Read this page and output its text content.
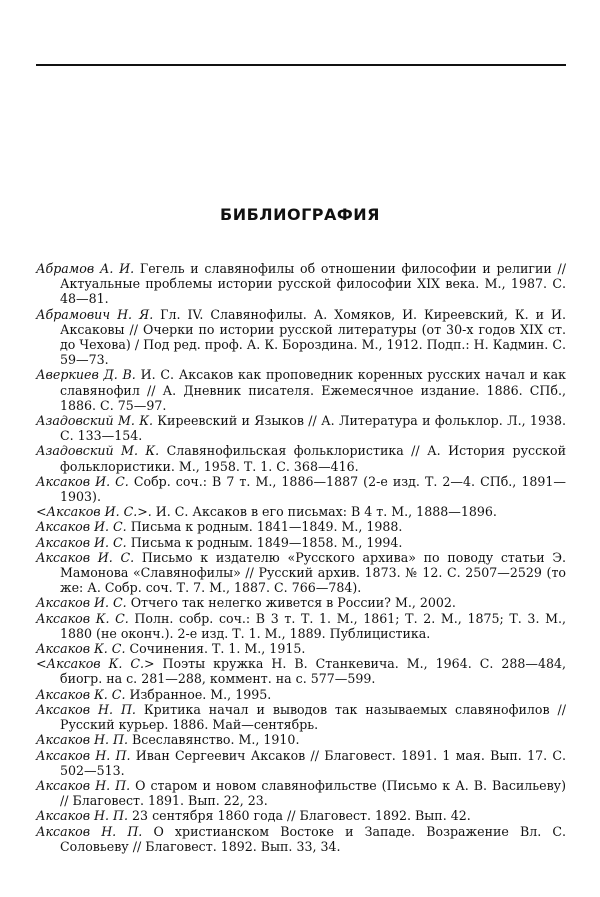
БИБЛИОГРАФИЯ
Абрамов А. И. Гегель и славянофилы об отношении философии и религии // Актуальные проблемы истории русской философии XIX века. М., 1987. С. 48—81.
Абрамович Н. Я. Гл. IV. Славянофилы. А. Хомяков, И. Киреевский, К. и И. Аксаковы // Очерки по истории русской литературы (от 30-х годов XIX ст. до Чехова) / Под ред. проф. А. К. Бороздина. М., 1912. Подп.: Н. Кадмин. С. 59—73.
Аверкиев Д. В. И. С. Аксаков как проповедник коренных русских начал и как славянофил // А. Дневник писателя. Ежемесячное издание. 1886. СПб., 1886. С. 75—97.
Азадовский М. К. Киреевский и Языков // А. Литература и фольклор. Л., 1938. С. 133—154.
Азадовский М. К. Славянофильская фольклористика // А. История русской фольклористики. М., 1958. Т. 1. С. 368—416.
Аксаков И. С. Собр. соч.: В 7 т. М., 1886—1887 (2-е изд. Т. 2—4. СПб., 1891—1903).
<Аксаков И. С.>. И. С. Аксаков в его письмах: В 4 т. М., 1888—1896.
Аксаков И. С. Письма к родным. 1841—1849. М., 1988.
Аксаков И. С. Письма к родным. 1849—1858. М., 1994.
Аксаков И. С. Письмо к издателю «Русского архива» по поводу статьи Э. Мамонова «Славянофилы» // Русский архив. 1873. № 12. С. 2507—2529 (то же: А. Собр. соч. Т. 7. М., 1887. С. 766—784).
Аксаков И. С. Отчего так нелегко живется в России? М., 2002.
Аксаков К. С. Полн. собр. соч.: В 3 т. Т. 1. М., 1861; Т. 2. М., 1875; Т. 3. М., 1880 (не оконч.). 2-е изд. Т. 1. М., 1889. Публицистика.
Аксаков К. С. Сочинения. Т. 1. М., 1915.
<Аксаков К. С.> Поэты кружка Н. В. Станкевича. М., 1964. С. 288—484, биогр. на с. 281—288, коммент. на с. 577—599.
Аксаков К. С. Избранное. М., 1995.
Аксаков Н. П. Критика начал и выводов так называемых славянофилов // Русский курьер. 1886. Май—сентябрь.
Аксаков Н. П. Всеславянство. М., 1910.
Аксаков Н. П. Иван Сергеевич Аксаков // Благовест. 1891. 1 мая. Вып. 17. С. 502—513.
Аксаков Н. П. О старом и новом славянофильстве (Письмо к А. В. Васильеву) // Благовест. 1891. Вып. 22, 23.
Аксаков Н. П. 23 сентября 1860 года // Благовест. 1892. Вып. 42.
Аксаков Н. П. О христианском Востоке и Западе. Возражение Вл. С. Соловьеву // Благовест. 1892. Вып. 33, 34.
